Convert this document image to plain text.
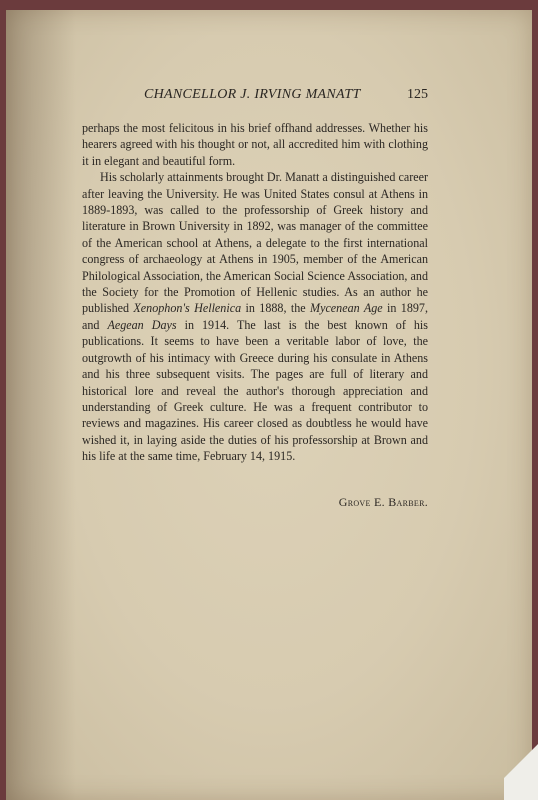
CHANCELLOR J. IRVING MANATT	125

perhaps the most felicitous in his brief offhand addresses. Whether his hearers agreed with his thought or not, all accredited him with clothing it in elegant and beautiful form.

His scholarly attainments brought Dr. Manatt a distinguished career after leaving the University. He was United States consul at Athens in 1889-1893, was called to the professorship of Greek history and literature in Brown University in 1892, was manager of the committee of the American school at Athens, a delegate to the first international congress of archaeology at Athens in 1905, member of the American Philological Association, the American Social Science Association, and the Society for the Promotion of Hellenic studies. As an author he published Xenophon's Hellenica in 1888, the Mycenean Age in 1897, and Aegean Days in 1914. The last is the best known of his publications. It seems to have been a veritable labor of love, the outgrowth of his intimacy with Greece during his consulate in Athens and his three subsequent visits. The pages are full of literary and historical lore and reveal the author's thorough appreciation and understanding of Greek culture. He was a frequent contributor to reviews and magazines. His career closed as doubtless he would have wished it, in laying aside the duties of his professorship at Brown and his life at the same time, February 14, 1915.

Grove E. Barber.
